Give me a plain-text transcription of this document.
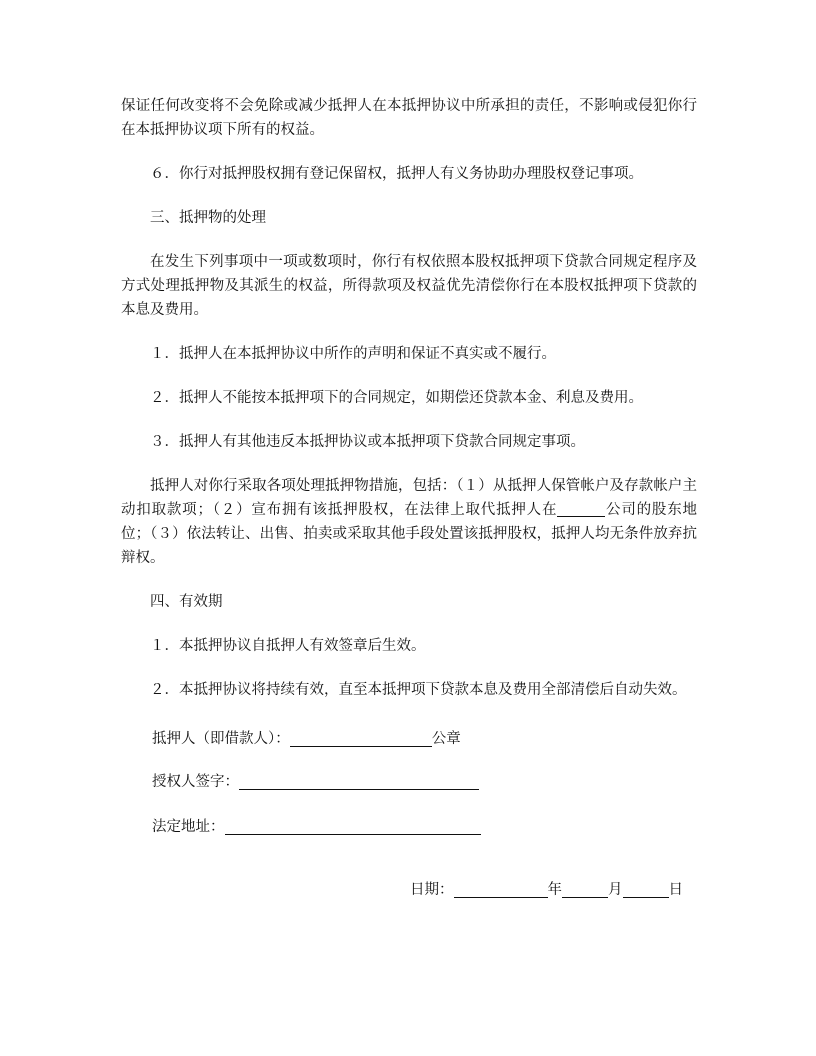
保证任何改变将不会免除或减少抵押人在本抵押协议中所承担的责任，不影响或侵犯你行在本抵押协议项下所有的权益。

６．你行对抵押股权拥有登记保留权，抵押人有义务协助办理股权登记事项。

三、抵押物的处理

在发生下列事项中一项或数项时，你行有权依照本股权抵押项下贷款合同规定程序及方式处理抵押物及其派生的权益，所得款项及权益优先清偿你行在本股权抵押项下贷款的本息及费用。

１．抵押人在本抵押协议中所作的声明和保证不真实或不履行。

２．抵押人不能按本抵押项下的合同规定，如期偿还贷款本金、利息及费用。

３．抵押人有其他违反本抵押协议或本抵押项下贷款合同规定事项。

抵押人对你行采取各项处理抵押物措施，包括：（１）从抵押人保管帐户及存款帐户主动扣取款项；（２）宣布拥有该抵押股权，在法律上取代抵押人在	公司的股东地位；（３）依法转让、出售、拍卖或采取其他手段处置该抵押股权，抵押人均无条件放弃抗辩权。

四、有效期

１．本抵押协议自抵押人有效签章后生效。

２．本抵押协议将持续有效，直至本抵押项下贷款本息及费用全部清偿后自动失效。

抵押人（即借款人）：	公章
授权人签字：
法定地址：
日期：	年	月	日
